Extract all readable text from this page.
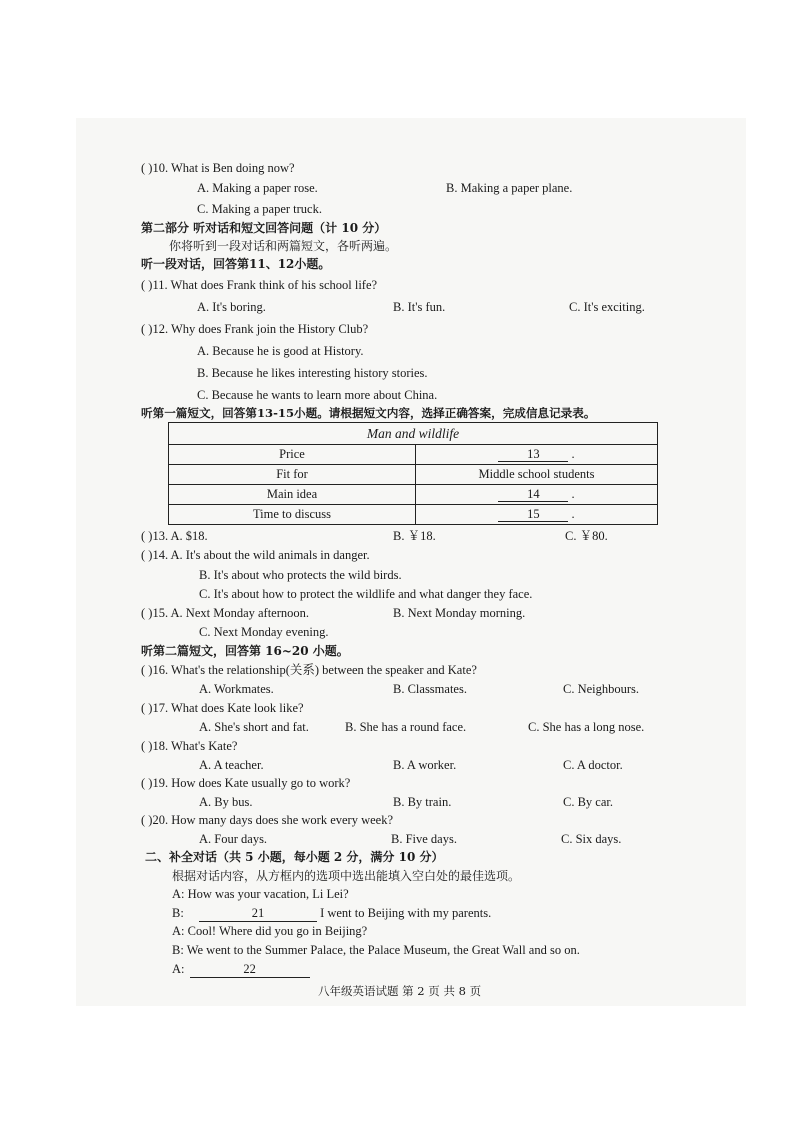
( )10. What is Ben doing now?
A. Making a paper rose.	B. Making a paper plane.
C. Making a paper truck.
第二部分 听对话和短文回答问题（计 10 分）
你将听到一段对话和两篇短文，各听两遍。
听一段对话，回答第11、12小题。
( )11. What does Frank think of his school life?
A. It's boring.	B. It's fun.	C. It's exciting.
( )12. Why does Frank join the History Club?
A. Because he is good at History.
B. Because he likes interesting history stories.
C. Because he wants to learn more about China.
听第一篇短文，回答第13-15小题。请根据短文内容，选择正确答案，完成信息记录表。
Man and wildlife	
Price	13 .
Fit for	Middle school students
Main idea	14 .
Time to discuss	15 .
( )13. A. $18.	B. ￥18.	C. ￥80.
( )14. A. It's about the wild animals in danger.
B. It's about who protects the wild birds.
C. It's about how to protect the wildlife and what danger they face.
( )15. A. Next Monday afternoon.	B. Next Monday morning.
C. Next Monday evening.
听第二篇短文，回答第 16~20 小题。
( )16. What's the relationship(关系) between the speaker and Kate?
A. Workmates.	B. Classmates.	C. Neighbours.
( )17. What does Kate look like?
A. She's short and fat.	B. She has a round face.	C. She has a long nose.
( )18. What's Kate?
A. A teacher.	B. A worker.	C. A doctor.
( )19. How does Kate usually go to work?
A. By bus.	B. By train.	C. By car.
( )20. How many days does she work every week?
A. Four days.	B. Five days.	C. Six days.
二、补全对话（共 5 小题，每小题 2 分，满分 10 分）
根据对话内容，从方框内的选项中选出能填入空白处的最佳选项。
A: How was your vacation, Li Lei?
B:	21	I went to Beijing with my parents.
A: Cool! Where did you go in Beijing?
B: We went to the Summer Palace, the Palace Museum, the Great Wall and so on.
A:	22
八年级英语试题 第 2 页 共 8 页
